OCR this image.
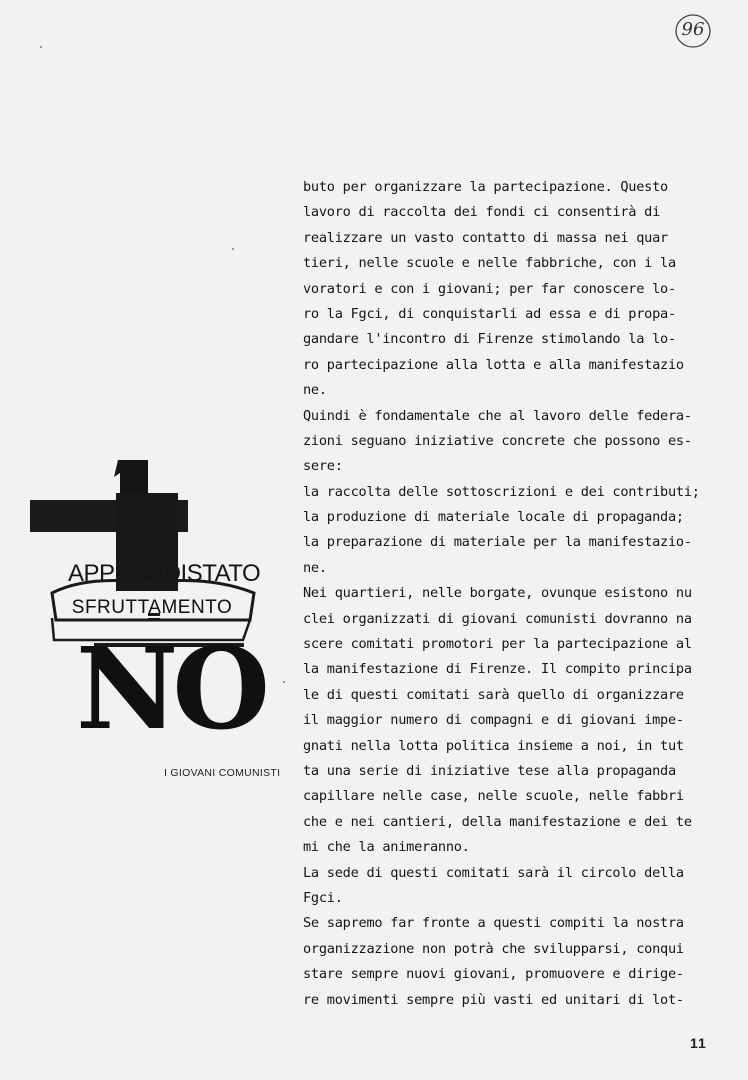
96
APPRENDISTATO
SFRUTTAMENTO
NO
I GIOVANI COMUNISTI
buto per organizzare la partecipazione. Questo
lavoro di raccolta dei fondi ci consentirà di
realizzare un vasto contatto di massa nei quar
tieri, nelle scuole e nelle fabbriche, con i la
voratori e con i giovani; per far conoscere lo-
ro la Fgci, di conquistarli ad essa e di propa-
gandare l'incontro di Firenze stimolando la lo-
ro partecipazione alla lotta e alla manifestazio
ne.
Quindi è fondamentale che al lavoro delle federa-
zioni seguano iniziative concrete che possono es-
sere:
la raccolta delle sottoscrizioni e dei contributi;
la produzione di materiale locale di propaganda;
la preparazione di materiale per la manifestazio-
ne.
Nei quartieri, nelle borgate, ovunque esistono nu
clei organizzati di giovani comunisti dovranno na
scere comitati promotori per la partecipazione al
la manifestazione di Firenze. Il compito principa
le di questi comitati sarà quello di organizzare
il maggior numero di compagni e di giovani impe-
gnati nella lotta politica insieme a noi, in tut
ta una serie di iniziative tese alla propaganda
capillare nelle case, nelle scuole, nelle fabbri
che e nei cantieri, della manifestazione e dei te
mi che la animeranno.
La sede di questi comitati sarà il circolo della
Fgci.
Se sapremo far fronte a questi compiti la nostra
organizzazione non potrà che svilupparsi, conqui
stare sempre nuovi giovani, promuovere e dirige-
re movimenti sempre più vasti ed unitari di lot-
11
